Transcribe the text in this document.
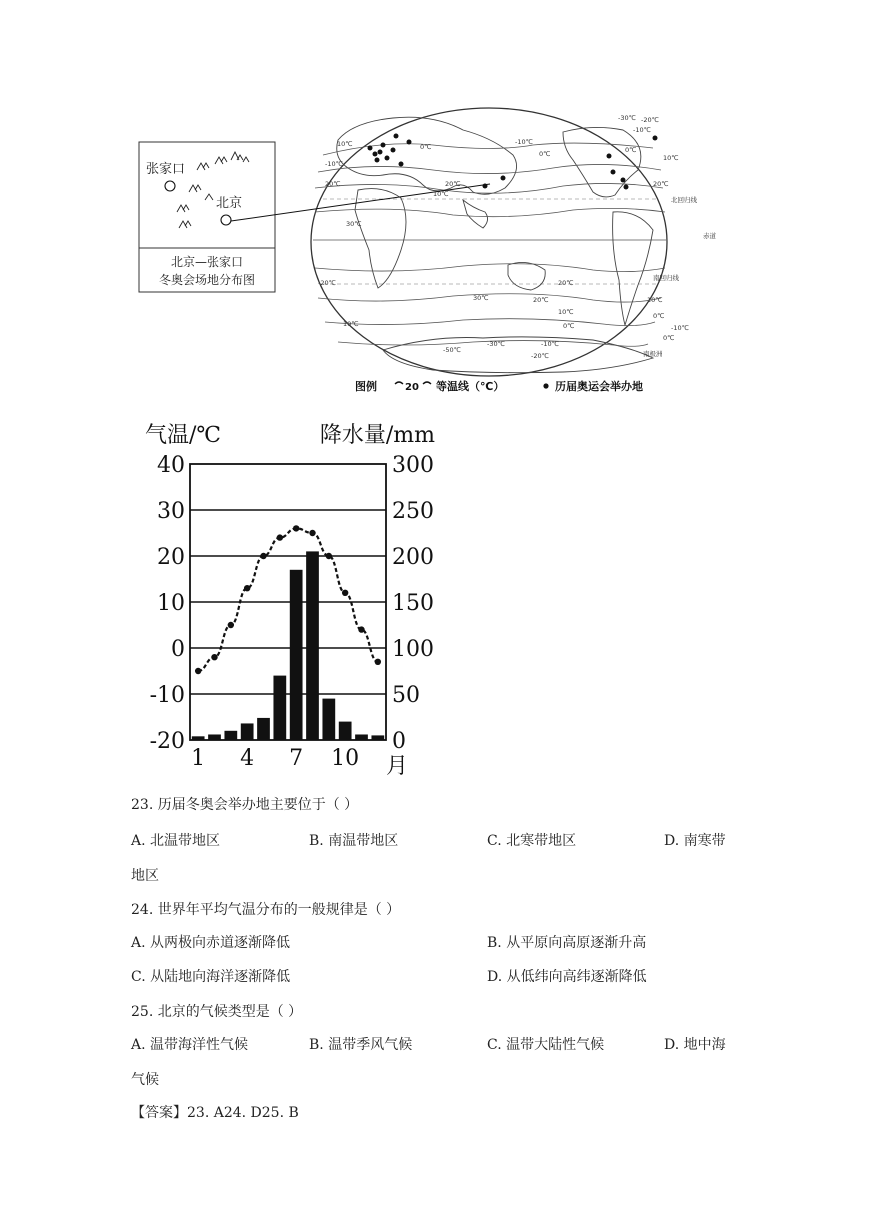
10℃	0℃
-10℃
20℃
30℃
20℃
10℃
0℃
-10℃
0℃
-10℃
-20℃
-30℃
10℃
20℃
-20℃
10℃
20℃
30℃	20℃
10℃
0℃
-10℃
-50℃
-30℃
-20℃
10℃
0℃
-10℃
0℃
北回归线
赤道
南回归线
南极洲
张家口
北京
北京—张家口
冬奥会场地分布图
图例	20 等温线（℃）	历届奥运会举办地
气温/℃	降水量/mm
月
40
30
20
10
0
-10
-20
300
250
200
150
100
50
0
1 4 7 10
23. 历届冬奥会举办地主要位于（ ）
A. 北温带地区	B. 南温带地区	C. 北寒带地区	D. 南寒带
地区
24. 世界年平均气温分布的一般规律是（ ）
A. 从两极向赤道逐渐降低	B. 从平原向高原逐渐升高
C. 从陆地向海洋逐渐降低	D. 从低纬向高纬逐渐降低
25. 北京的气候类型是（ ）
A. 温带海洋性气候	B. 温带季风气候	C. 温带大陆性气候	D. 地中海
气候
【答案】23. A24. D25. B
